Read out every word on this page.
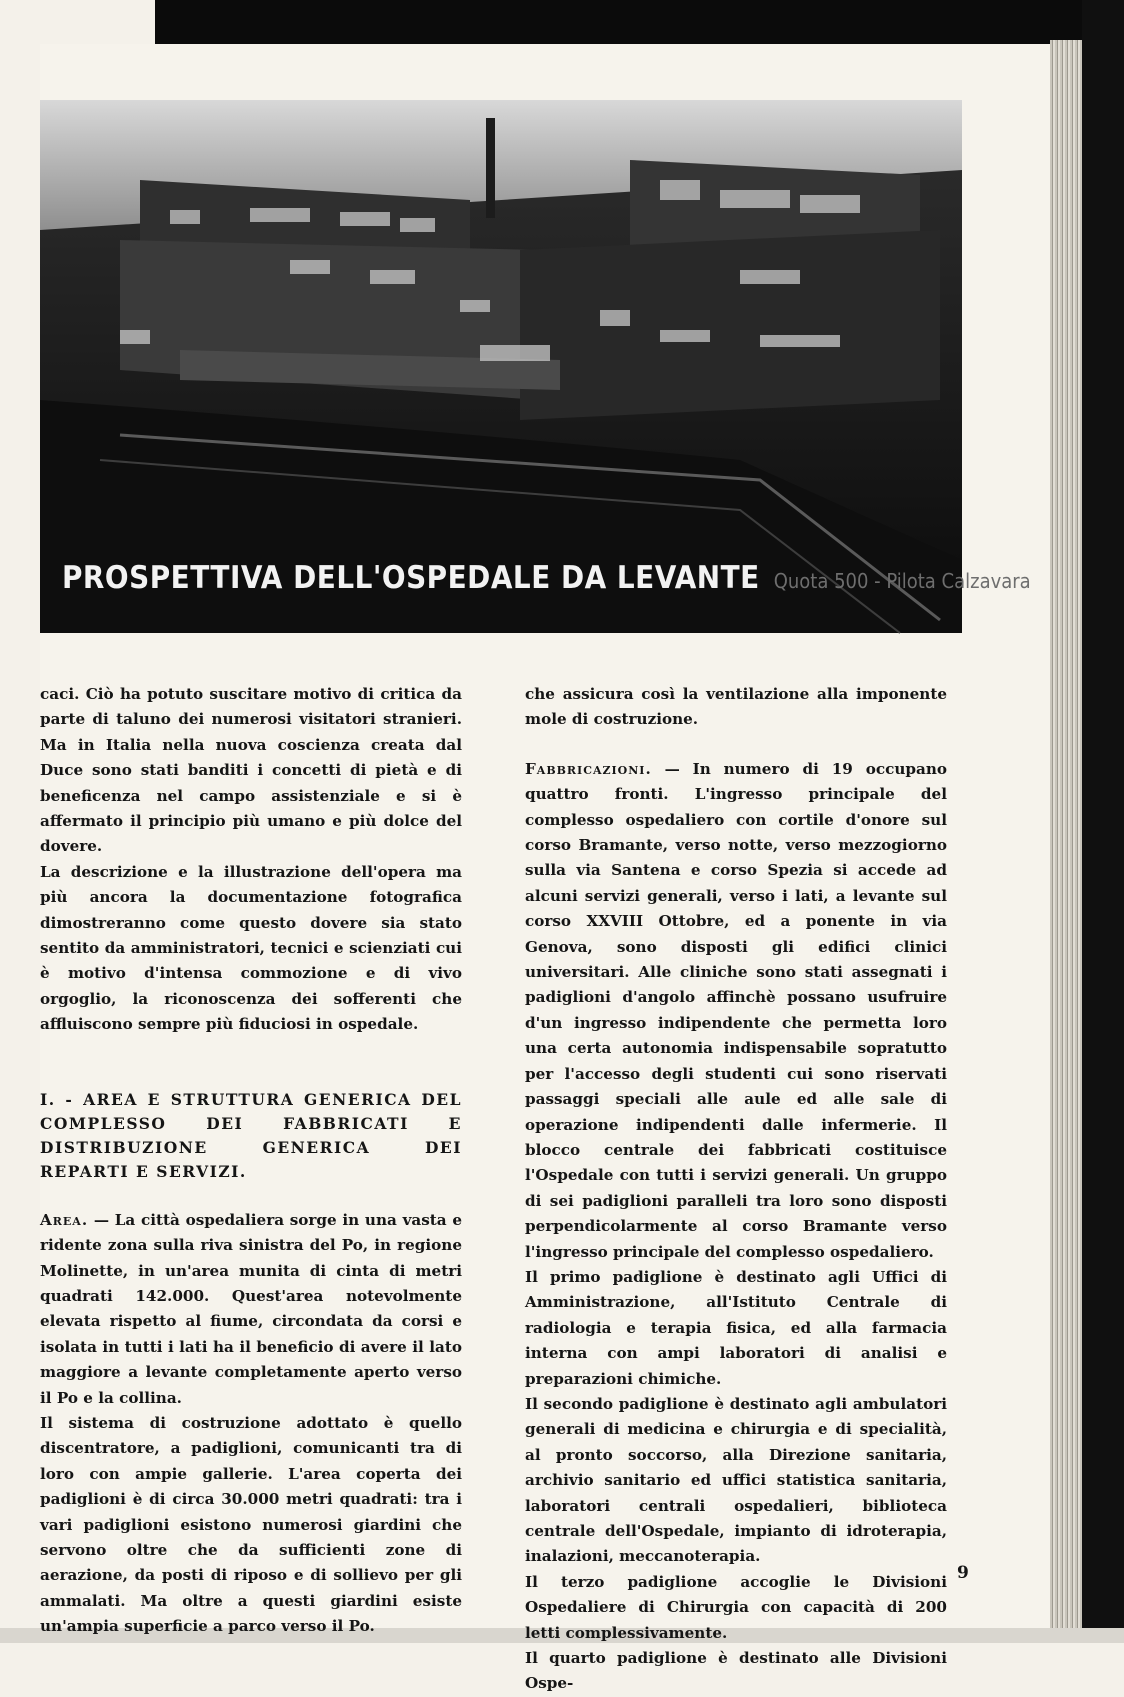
PROSPETTIVA DELL'OSPEDALE DA LEVANTE Quota 500 - Pilota Calzavara

caci. Ciò ha potuto suscitare motivo di critica da parte di taluno dei numerosi visitatori stranieri. Ma in Italia nella nuova coscienza creata dal Duce sono stati banditi i concetti di pietà e di beneficenza nel campo assistenziale e si è affermato il principio più umano e più dolce del dovere.

La descrizione e la illustrazione dell'opera ma più ancora la documentazione fotografica dimostreranno come questo dovere sia stato sentito da amministratori, tecnici e scienziati cui è motivo d'intensa commozione e di vivo orgoglio, la riconoscenza dei sofferenti che affluiscono sempre più fiduciosi in ospedale.

I. - AREA E STRUTTURA GENERICA DEL COMPLESSO DEI FABBRICATI E DISTRIBUZIONE GENERICA DEI REPARTI E SERVIZI.

Area. — La città ospedaliera sorge in una vasta e ridente zona sulla riva sinistra del Po, in regione Molinette, in un'area munita di cinta di metri quadrati 142.000. Quest'area notevolmente elevata rispetto al fiume, circondata da corsi e isolata in tutti i lati ha il beneficio di avere il lato maggiore a levante completamente aperto verso il Po e la collina.

Il sistema di costruzione adottato è quello discentratore, a padiglioni, comunicanti tra di loro con ampie gallerie. L'area coperta dei padiglioni è di circa 30.000 metri quadrati: tra i vari padiglioni esistono numerosi giardini che servono oltre che da sufficienti zone di aerazione, da posti di riposo e di sollievo per gli ammalati. Ma oltre a questi giardini esiste un'ampia superficie a parco verso il Po.

che assicura così la ventilazione alla imponente mole di costruzione.

Fabbricazioni. — In numero di 19 occupano quattro fronti. L'ingresso principale del complesso ospedaliero con cortile d'onore sul corso Bramante, verso notte, verso mezzogiorno sulla via Santena e corso Spezia si accede ad alcuni servizi generali, verso i lati, a levante sul corso XXVIII Ottobre, ed a ponente in via Genova, sono disposti gli edifici clinici universitari. Alle cliniche sono stati assegnati i padiglioni d'angolo affinchè possano usufruire d'un ingresso indipendente che permetta loro una certa autonomia indispensabile sopratutto per l'accesso degli studenti cui sono riservati passaggi speciali alle aule ed alle sale di operazione indipendenti dalle infermerie. Il blocco centrale dei fabbricati costituisce l'Ospedale con tutti i servizi generali. Un gruppo di sei padiglioni paralleli tra loro sono disposti perpendicolarmente al corso Bramante verso l'ingresso principale del complesso ospedaliero.

Il primo padiglione è destinato agli Uffici di Amministrazione, all'Istituto Centrale di radiologia e terapia fisica, ed alla farmacia interna con ampi laboratori di analisi e preparazioni chimiche.

Il secondo padiglione è destinato agli ambulatori generali di medicina e chirurgia e di specialità, al pronto soccorso, alla Direzione sanitaria, archivio sanitario ed uffici statistica sanitaria, laboratori centrali ospedalieri, biblioteca centrale dell'Ospedale, impianto di idroterapia, inalazioni, meccanoterapia.

Il terzo padiglione accoglie le Divisioni Ospedaliere di Chirurgia con capacità di 200 letti complessivamente.

Il quarto padiglione è destinato alle Divisioni Ospe-

9
